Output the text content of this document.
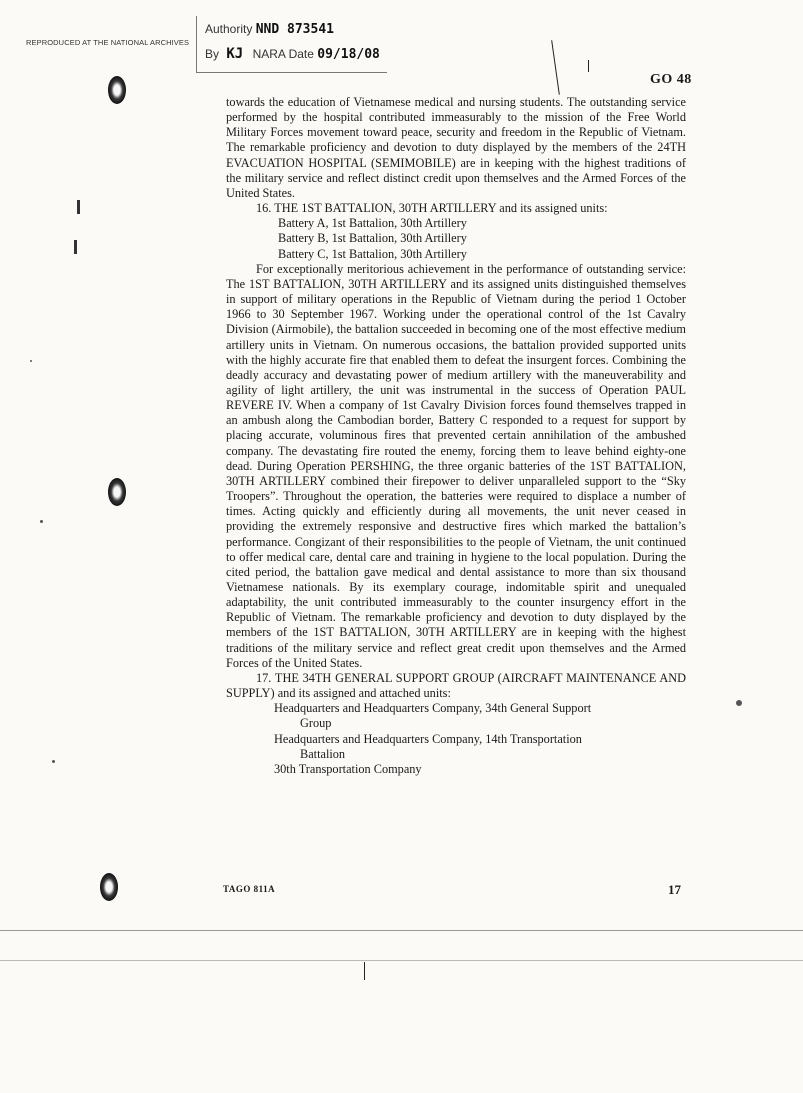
REPRODUCED AT THE NATIONAL ARCHIVES
Authority NND 873541
By KJ NARA Date 09/18/08
GO 48

towards the education of Vietnamese medical and nursing students. The outstanding service performed by the hospital contributed immeasurably to the mission of the Free World Military Forces movement toward peace, security and freedom in the Republic of Vietnam. The remarkable proficiency and devotion to duty displayed by the members of the 24TH EVACUATION HOSPITAL (SEMIMOBILE) are in keeping with the highest traditions of the military service and reflect distinct credit upon themselves and the Armed Forces of the United States.

16. THE 1ST BATTALION, 30TH ARTILLERY and its assigned units:

Battery A, 1st Battalion, 30th Artillery

Battery B, 1st Battalion, 30th Artillery

Battery C, 1st Battalion, 30th Artillery

For exceptionally meritorious achievement in the performance of outstanding service: The 1ST BATTALION, 30TH ARTILLERY and its assigned units distinguished themselves in support of military operations in the Republic of Vietnam during the period 1 October 1966 to 30 September 1967. Working under the operational control of the 1st Cavalry Division (Airmobile), the battalion succeeded in becoming one of the most effective medium artillery units in Vietnam. On numerous occasions, the battalion provided supported units with the highly accurate fire that enabled them to defeat the insurgent forces. Combining the deadly accuracy and devastating power of medium artillery with the maneuverability and agility of light artillery, the unit was instrumental in the success of Operation PAUL REVERE IV. When a company of 1st Cavalry Division forces found themselves trapped in an ambush along the Cambodian border, Battery C responded to a request for support by placing accurate, voluminous fires that prevented certain annihilation of the ambushed company. The devastating fire routed the enemy, forcing them to leave behind eighty-one dead. During Operation PERSHING, the three organic batteries of the 1ST BATTALION, 30TH ARTILLERY combined their firepower to deliver unparalleled support to the “Sky Troopers”. Throughout the operation, the batteries were required to displace a number of times. Acting quickly and efficiently during all movements, the unit never ceased in providing the extremely responsive and destructive fires which marked the battalion’s performance. Congizant of their responsibilities to the people of Vietnam, the unit continued to offer medical care, dental care and training in hygiene to the local population. During the cited period, the battalion gave medical and dental assistance to more than six thousand Vietnamese nationals. By its exemplary courage, indomitable spirit and unequaled adaptability, the unit contributed immeasurably to the counter insurgency effort in the Republic of Vietnam. The remarkable proficiency and devotion to duty displayed by the members of the 1ST BATTALION, 30TH ARTILLERY are in keeping with the highest traditions of the military service and reflect great credit upon themselves and the Armed Forces of the United States.

17. THE 34TH GENERAL SUPPORT GROUP (AIRCRAFT MAINTENANCE AND SUPPLY) and its assigned and attached units:

Headquarters and Headquarters Company, 34th General Support
Group

Headquarters and Headquarters Company, 14th Transportation
Battalion

30th Transportation Company

TAGO 811A	17
